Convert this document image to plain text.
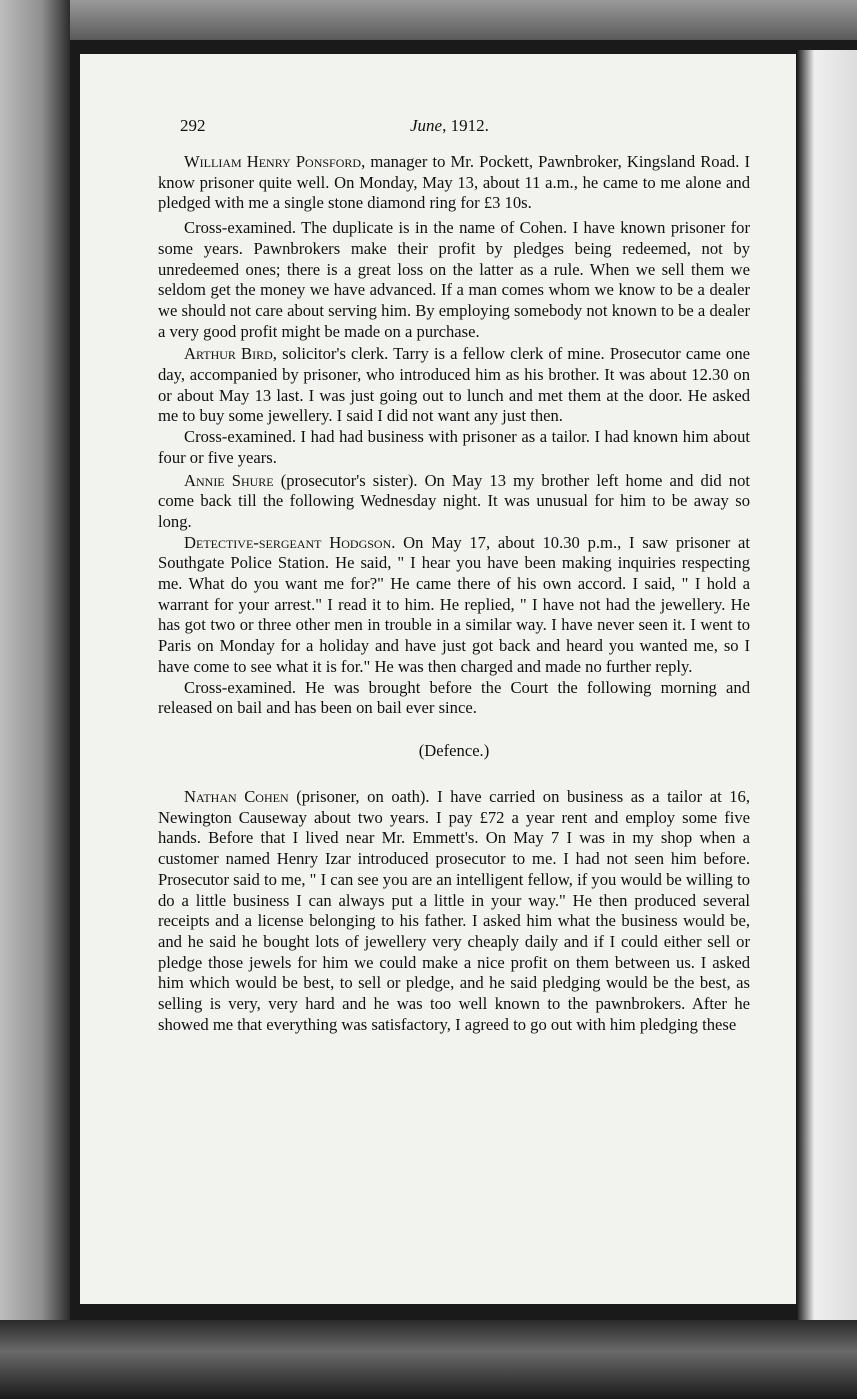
292	June, 1912.

William Henry Ponsford, manager to Mr. Pockett, Pawnbroker, Kingsland Road. I know prisoner quite well. On Monday, May 13, about 11 a.m., he came to me alone and pledged with me a single stone diamond ring for £3 10s.

Cross-examined. The duplicate is in the name of Cohen. I have known prisoner for some years. Pawnbrokers make their profit by pledges being redeemed, not by unredeemed ones; there is a great loss on the latter as a rule. When we sell them we seldom get the money we have advanced. If a man comes whom we know to be a dealer we should not care about serving him. By employing somebody not known to be a dealer a very good profit might be made on a purchase.

Arthur Bird, solicitor's clerk. Tarry is a fellow clerk of mine. Prosecutor came one day, accompanied by prisoner, who introduced him as his brother. It was about 12.30 on or about May 13 last. I was just going out to lunch and met them at the door. He asked me to buy some jewellery. I said I did not want any just then.

Cross-examined. I had had business with prisoner as a tailor. I had known him about four or five years.

Annie Shure (prosecutor's sister). On May 13 my brother left home and did not come back till the following Wednesday night. It was unusual for him to be away so long.

Detective-sergeant Hodgson. On May 17, about 10.30 p.m., I saw prisoner at Southgate Police Station. He said, " I hear you have been making inquiries respecting me. What do you want me for?" He came there of his own accord. I said, " I hold a warrant for your arrest." I read it to him. He replied, " I have not had the jewellery. He has got two or three other men in trouble in a similar way. I have never seen it. I went to Paris on Monday for a holiday and have just got back and heard you wanted me, so I have come to see what it is for." He was then charged and made no further reply.

Cross-examined. He was brought before the Court the following morning and released on bail and has been on bail ever since.

(Defence.)

Nathan Cohen (prisoner, on oath). I have carried on business as a tailor at 16, Newington Causeway about two years. I pay £72 a year rent and employ some five hands. Before that I lived near Mr. Emmett's. On May 7 I was in my shop when a customer named Henry Izar introduced prosecutor to me. I had not seen him before. Prosecutor said to me, " I can see you are an intelligent fellow, if you would be willing to do a little business I can always put a little in your way." He then produced several receipts and a license belonging to his father. I asked him what the business would be, and he said he bought lots of jewellery very cheaply daily and if I could either sell or pledge those jewels for him we could make a nice profit on them between us. I asked him which would be best, to sell or pledge, and he said pledging would be the best, as selling is very, very hard and he was too well known to the pawnbrokers. After he showed me that everything was satisfactory, I agreed to go out with him pledging these
